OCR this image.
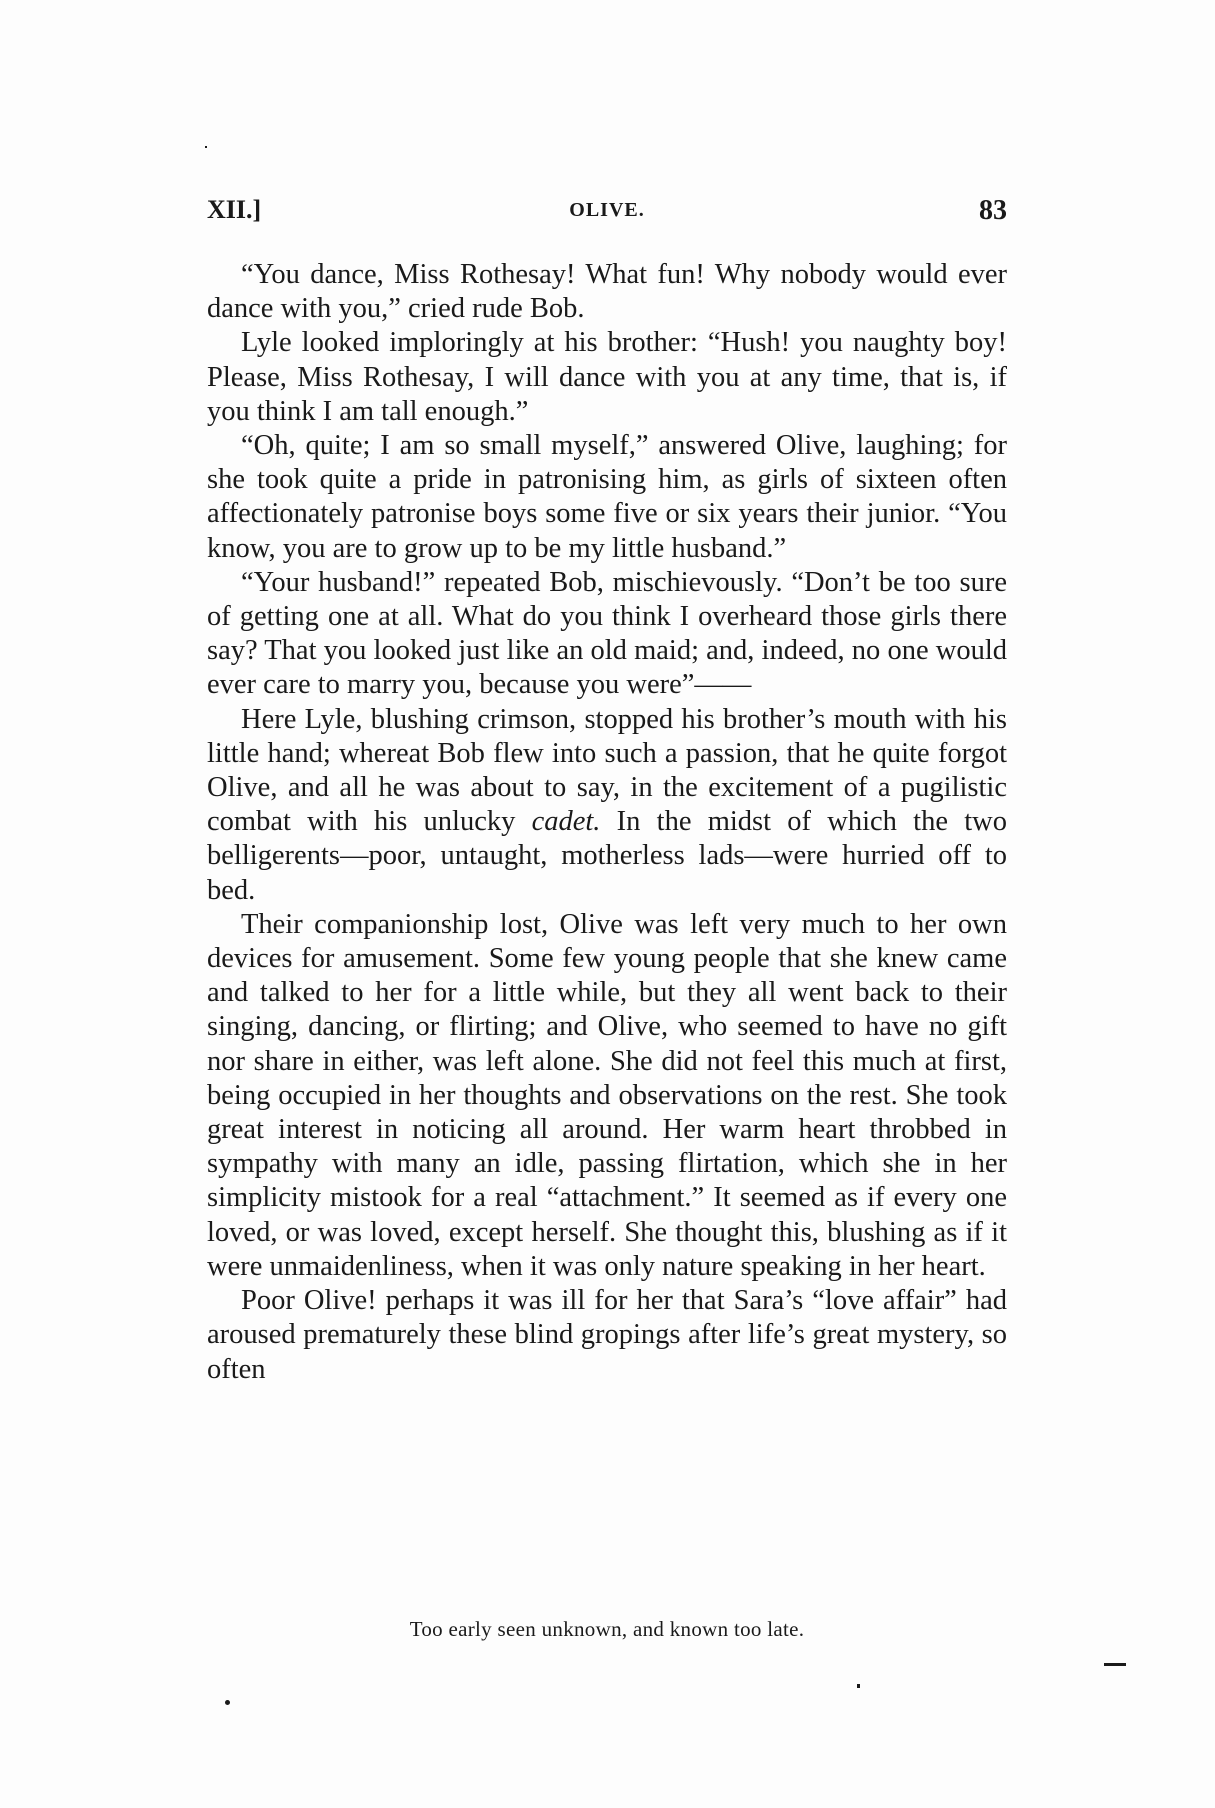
XII.]	OLIVE.	83

“You dance, Miss Rothesay! What fun! Why nobody would ever dance with you,” cried rude Bob.

Lyle looked imploringly at his brother: “Hush! you naughty boy! Please, Miss Rothesay, I will dance with you at any time, that is, if you think I am tall enough.”

“Oh, quite; I am so small myself,” answered Olive, laughing; for she took quite a pride in patronising him, as girls of sixteen often affectionately patronise boys some five or six years their junior. “You know, you are to grow up to be my little husband.”

“Your husband!” repeated Bob, mischievously. “Don’t be too sure of getting one at all. What do you think I overheard those girls there say? That you looked just like an old maid; and, indeed, no one would ever care to marry you, because you were”——

Here Lyle, blushing crimson, stopped his brother’s mouth with his little hand; whereat Bob flew into such a passion, that he quite forgot Olive, and all he was about to say, in the excitement of a pugilistic combat with his unlucky cadet. In the midst of which the two belligerents—poor, untaught, motherless lads—were hurried off to bed.

Their companionship lost, Olive was left very much to her own devices for amusement. Some few young people that she knew came and talked to her for a little while, but they all went back to their singing, dancing, or flirting; and Olive, who seemed to have no gift nor share in either, was left alone. She did not feel this much at first, being occupied in her thoughts and observations on the rest. She took great interest in noticing all around. Her warm heart throbbed in sympathy with many an idle, passing flirtation, which she in her simplicity mistook for a real “attachment.” It seemed as if every one loved, or was loved, except herself. She thought this, blushing as if it were unmaidenliness, when it was only nature speaking in her heart.

Poor Olive! perhaps it was ill for her that Sara’s “love affair” had aroused prematurely these blind gropings after life’s great mystery, so often

Too early seen unknown, and known too late.
